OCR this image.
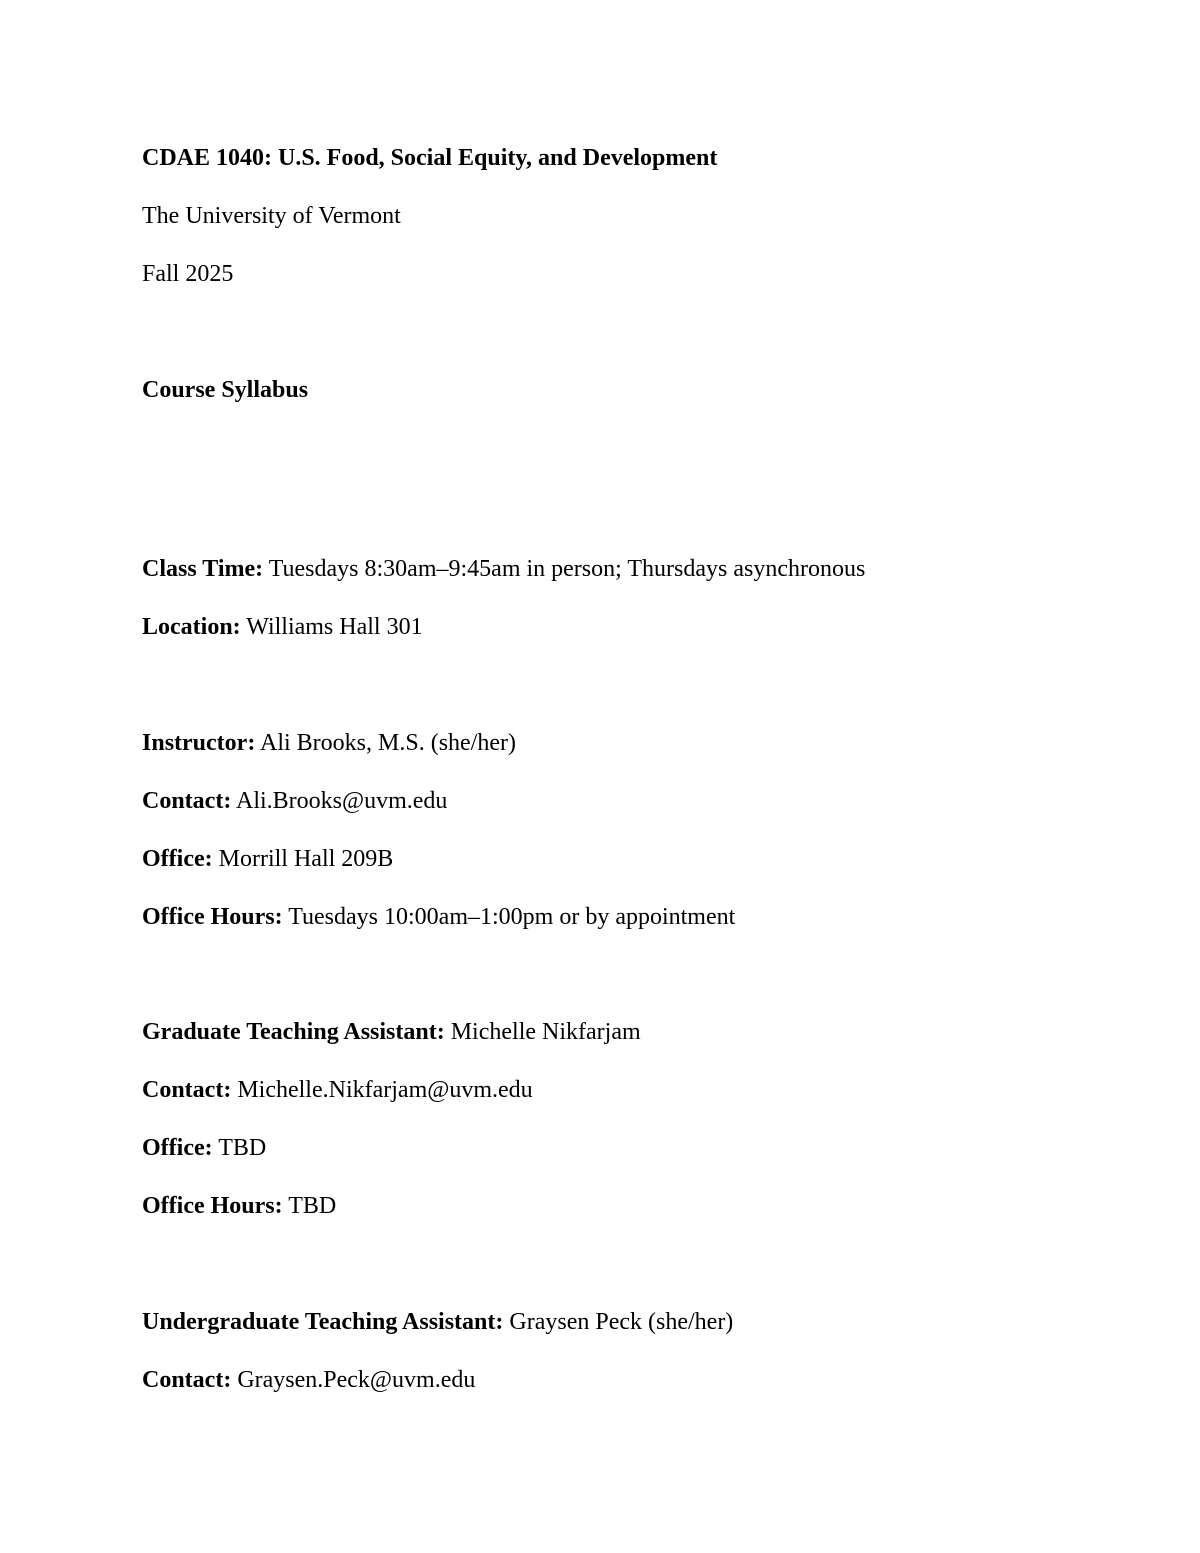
CDAE 1040: U.S. Food, Social Equity, and Development
The University of Vermont
Fall 2025
Course Syllabus
Class Time: Tuesdays 8:30am–9:45am in person; Thursdays asynchronous
Location: Williams Hall 301
Instructor: Ali Brooks, M.S. (she/her)
Contact: Ali.Brooks@uvm.edu
Office: Morrill Hall 209B
Office Hours: Tuesdays 10:00am–1:00pm or by appointment
Graduate Teaching Assistant: Michelle Nikfarjam
Contact: Michelle.Nikfarjam@uvm.edu
Office: TBD
Office Hours: TBD
Undergraduate Teaching Assistant: Graysen Peck (she/her)
Contact: Graysen.Peck@uvm.edu
